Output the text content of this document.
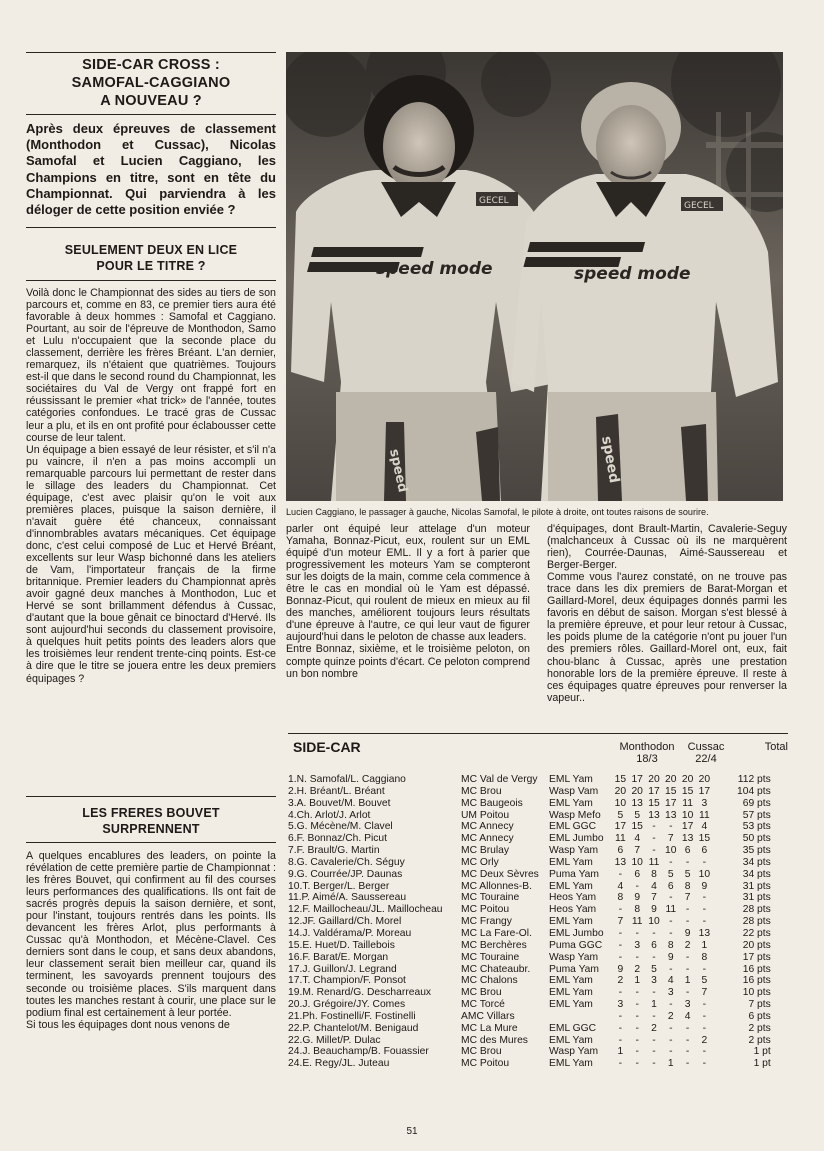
SIDE-CAR CROSS :
SAMOFAL-CAGGIANO
A NOUVEAU ?
Après deux épreuves de classement (Monthodon et Cussac), Nicolas Samofal et Lucien Caggiano, les Champions en titre, sont en tête du Championnat. Qui parviendra à les déloger de cette position enviée ?
SEULEMENT DEUX EN LICE
POUR LE TITRE ?

Voilà donc le Championnat des sides au tiers de son parcours et, comme en 83, ce premier tiers aura été favorable à deux hommes : Samofal et Caggiano. Pourtant, au soir de l'épreuve de Monthodon, Samo et Lulu n'occupaient que la seconde place du classement, derrière les frères Bréant. L'an dernier, remarquez, ils n'étaient que quatrièmes. Toujours est-il que dans le second round du Championnat, les sociétaires du Val de Vergy ont frappé fort en réussissant le premier «hat trick» de l'année, toutes catégories confondues. Le tracé gras de Cussac leur a plu, et ils en ont profité pour éclabousser cette course de leur talent.

Un équipage a bien essayé de leur résister, et s'il n'a pu vaincre, il n'en a pas moins accompli un remarquable parcours lui permettant de rester dans le sillage des leaders du Championnat. Cet équipage, c'est avec plaisir qu'on le voit aux premières places, puisque la saison dernière, il n'avait guère été chanceux, connaissant d'innombrables avatars mécaniques. Cet équipage donc, c'est celui composé de Luc et Hervé Bréant, excellents sur leur Wasp bichonné dans les ateliers de Vam, l'importateur français de la firme britannique. Premier leaders du Championnat après avoir gagné deux manches à Monthodon, Luc et Hervé se sont brillamment défendus à Cussac, d'autant que la boue gênait ce binoctard d'Hervé. Ils sont aujourd'hui seconds du classement provisoire, à quelques huit petits points des leaders alors que les troisièmes leur rendent trente-cinq points. Est-ce à dire que le titre se jouera entre les deux premiers équipages ?

LES FRERES BOUVET
SURPRENNENT

A quelques encablures des leaders, on pointe la révélation de cette première partie de Championnat : les frères Bouvet, qui confirment au fil des courses leurs performances des qualifications. Ils ont fait de sacrés progrès depuis la saison dernière, et sont, pour l'instant, toujours rentrés dans les points. Ils devancent les frères Arlot, plus performants à Cussac qu'à Monthodon, et Mécène-Clavel. Ces derniers sont dans le coup, et sans deux abandons, leur classement serait bien meilleur car, quand ils terminent, les savoyards prennent toujours des seconde ou troisième places. S'ils marquent dans toutes les manches restant à courir, une place sur le podium final est certainement à leur portée.

Si tous les équipages dont nous venons de

speed mode
GECEL
speed
speed mode
GECEL
speed
Lucien Caggiano, le passager à gauche, Nicolas Samofal, le pilote à droite, ont toutes raisons de sourire.

parler ont équipé leur attelage d'un moteur Yamaha, Bonnaz-Picut, eux, roulent sur un EML équipé d'un moteur EML. Il y a fort à parier que progressivement les moteurs Yam se compteront sur les doigts de la main, comme cela commence à être le cas en mondial où le Yam est dépassé. Bonnaz-Picut, qui roulent de mieux en mieux au fil des manches, améliorent toujours leurs résultats d'une épreuve à l'autre, ce qui leur vaut de figurer aujourd'hui dans le peloton de chasse aux leaders.

Entre Bonnaz, sixième, et le troisième peloton, on compte quinze points d'écart. Ce peloton comprend un bon nombre

d'équipages, dont Brault-Martin, Cavalerie-Seguy (malchanceux à Cussac où ils ne marquèrent rien), Courrée-Daunas, Aimé-Saussereau et Berger-Berger.

Comme vous l'aurez constaté, on ne trouve pas trace dans les dix premiers de Barat-Morgan et Gaillard-Morel, deux équipages donnés parmi les favoris en début de saison. Morgan s'est blessé à la première épreuve, et pour leur retour à Cussac, les poids plume de la catégorie n'ont pu jouer l'un des premiers rôles. Gaillard-Morel ont, eux, fait chou-blanc à Cussac, après une prestation honorable lors de la première épreuve. Il reste à ces équipages quatre épreuves pour renverser la vapeur..

SIDE-CAR	Monthodon
18/3
Cussac
22/4
Total
1.N. Samofal/L. Caggiano	MC Val de Vergy	EML Yam	15	17	20	20	20	20	112 pts
2.H. Bréant/L. Bréant	MC Brou	Wasp Vam	20	20	17	15	15	17	104 pts
3.A. Bouvet/M. Bouvet	MC Baugeois	EML Yam	10	13	15	17	11	3	69 pts
4.Ch. Arlot/J. Arlot	UM Poitou	Wasp Mefo	5	5	13	13	10	11	57 pts
5.G. Mécène/M. Clavel	MC Annecy	EML GGC	17	15	-	-	17	4	53 pts
6.F. Bonnaz/Ch. Picut	MC Annecy	EML Jumbo	11	4	-	7	13	15	50 pts
7.F. Brault/G. Martin	MC Brulay	Wasp Yam	6	7	-	10	6	6	35 pts
8.G. Cavalerie/Ch. Séguy	MC Orly	EML Yam	13	10	11	-	-	-	34 pts
9.G. Courrée/JP. Daunas	MC Deux Sèvres	Puma Yam	-	6	8	5	5	10	34 pts
10.T. Berger/L. Berger	MC Allonnes-B.	EML Yam	4	-	4	6	8	9	31 pts
11.P. Aimé/A. Saussereau	MC Touraine	Heos Yam	8	9	7	-	7	-	31 pts
12.F. Maillocheau/JL. Maillocheau	MC Poitou	Heos Yam	-	8	9	11	-	-	28 pts
12.JF. Gaillard/Ch. Morel	MC Frangy	EML Yam	7	11	10	-	-	-	28 pts
14.J. Valdérama/P. Moreau	MC La Fare-Ol.	EML Jumbo	-	-	-	-	9	13	22 pts
15.E. Huet/D. Taillebois	MC Berchères	Puma GGC	-	3	6	8	2	1	20 pts
16.F. Barat/E. Morgan	MC Touraine	Wasp Yam	-	-	-	9	-	8	17 pts
17.J. Guillon/J. Legrand	MC Chateaubr.	Puma Yam	9	2	5	-	-	-	16 pts
17.T. Champion/F. Ponsot	MC Chalons	EML Yam	2	1	3	4	1	5	16 pts
19.M. Renard/G. Descharreaux	MC Brou	EML Yam	-	-	-	3	-	7	10 pts
20.J. Grégoire/JY. Comes	MC Torcé	EML Yam	3	-	1	-	3	-	7 pts
21.Ph. Fostinelli/F. Fostinelli	AMC Villars		-	-	-	2	4	-	6 pts
22.P. Chantelot/M. Benigaud	MC La Mure	EML GGC	-	-	2	-	-	-	2 pts
22.G. Millet/P. Dulac	MC des Mures	EML Yam	-	-	-	-	-	2	2 pts
24.J. Beauchamp/B. Fouassier	MC Brou	Wasp Yam	1	-	-	-	-	-	1 pt
24.E. Regy/JL. Juteau	MC Poitou	EML Yam	-	-	-	1	-	-	1 pt
51
